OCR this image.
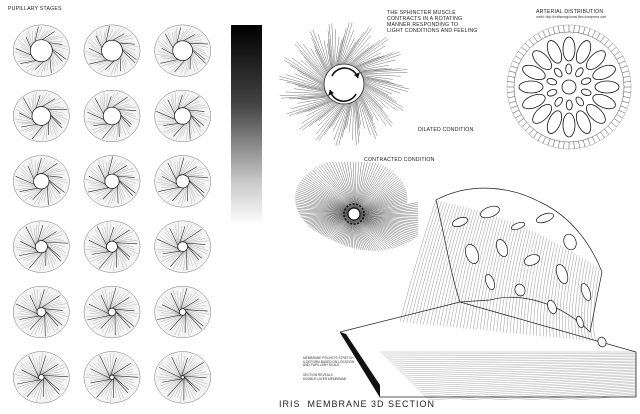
PUPILLARY STAGES
THE SPHINCTER MUSCLE
CONTRACTS IN A ROTATING
MANNER RESPONDING TO
LIGHT CONDITIONS AND FEELING
DILATED CONDITION
CONTRACTED CONDITION
ARTERIAL DISTRIBUTION
credit: http://craftsmanjournal.files.wordpress.com
MEMBRANE POCKETS STRETCH
& DEFORM BASED ON LOCATION
AND PUPILLARY SCALE
SECTION REVEALS
DOUBLE LAYER MEMBRANE
IRIS  MEMBRANE 3D SECTION
